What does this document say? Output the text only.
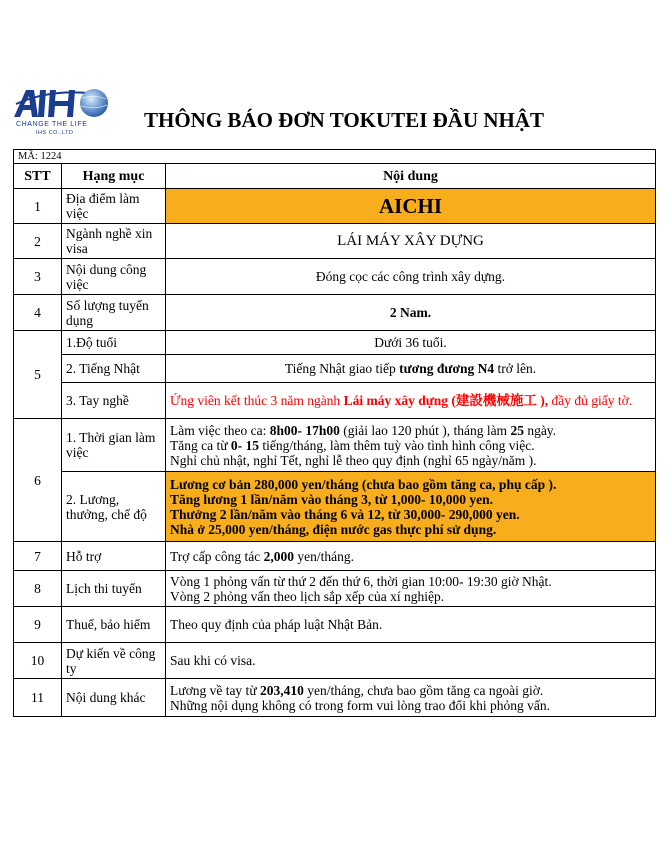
CHANGE THE LIFE
IHS CO.,LTD
THÔNG BÁO ĐƠN TOKUTEI ĐẦU NHẬT
MÃ: 1224		
STT	Hạng mục	Nội dung
1	Địa điểm làm việc	AICHI
2	Ngành nghề xin visa	LÁI MÁY XÂY DỰNG
3	Nội dung công việc	Đóng cọc các công trình xây dựng.
4	Số lượng tuyển dụng	2 Nam.
5	1.Độ tuổi	Dưới 36 tuổi.
	2. Tiếng Nhật	Tiếng Nhật giao tiếp tương đương N4 trở lên.
	3. Tay nghề	Ứng viên kết thúc 3 năm ngành Lái máy xây dựng (建設機械施工 ), đầy đủ giấy tờ.
6	1. Thời gian làm việc	Làm việc theo ca: 8h00- 17h00 (giải lao 120 phút ), tháng làm 25 ngày.
Tăng ca từ 0- 15 tiếng/tháng, làm thêm tuỳ vào tình hình công việc.
Nghỉ chủ nhật, nghỉ Tết, nghỉ lễ theo quy định (nghỉ 65 ngày/năm ).

	2. Lương, thưởng, chế độ	Lương cơ bản 280,000 yen/tháng (chưa bao gồm tăng ca, phụ cấp ).
Tăng lương 1 lần/năm vào tháng 3, từ 1,000- 10,000 yen.
Thưởng 2 lần/năm vào tháng 6 và 12, từ 30,000- 290,000 yen.
Nhà ở 25,000 yen/tháng, điện nước gas thực phí sử dụng.

7	Hỗ trợ	Trợ cấp công tác 2,000 yen/tháng.
8	Lịch thi tuyển	Vòng 1 phỏng vấn từ thứ 2 đến thứ 6, thời gian 10:00- 19:30 giờ Nhật.
Vòng 2 phỏng vấn theo lịch sắp xếp của xí nghiệp.

9	Thuế, bảo hiểm	Theo quy định của pháp luật Nhật Bản.
10	Dự kiến về công ty	Sau khi có visa.
11	Nội dung khác	Lương về tay từ 203,410 yen/tháng, chưa bao gồm tăng ca ngoài giờ.
Những nội dụng không có trong form vui lòng trao đổi khi phỏng vấn.
